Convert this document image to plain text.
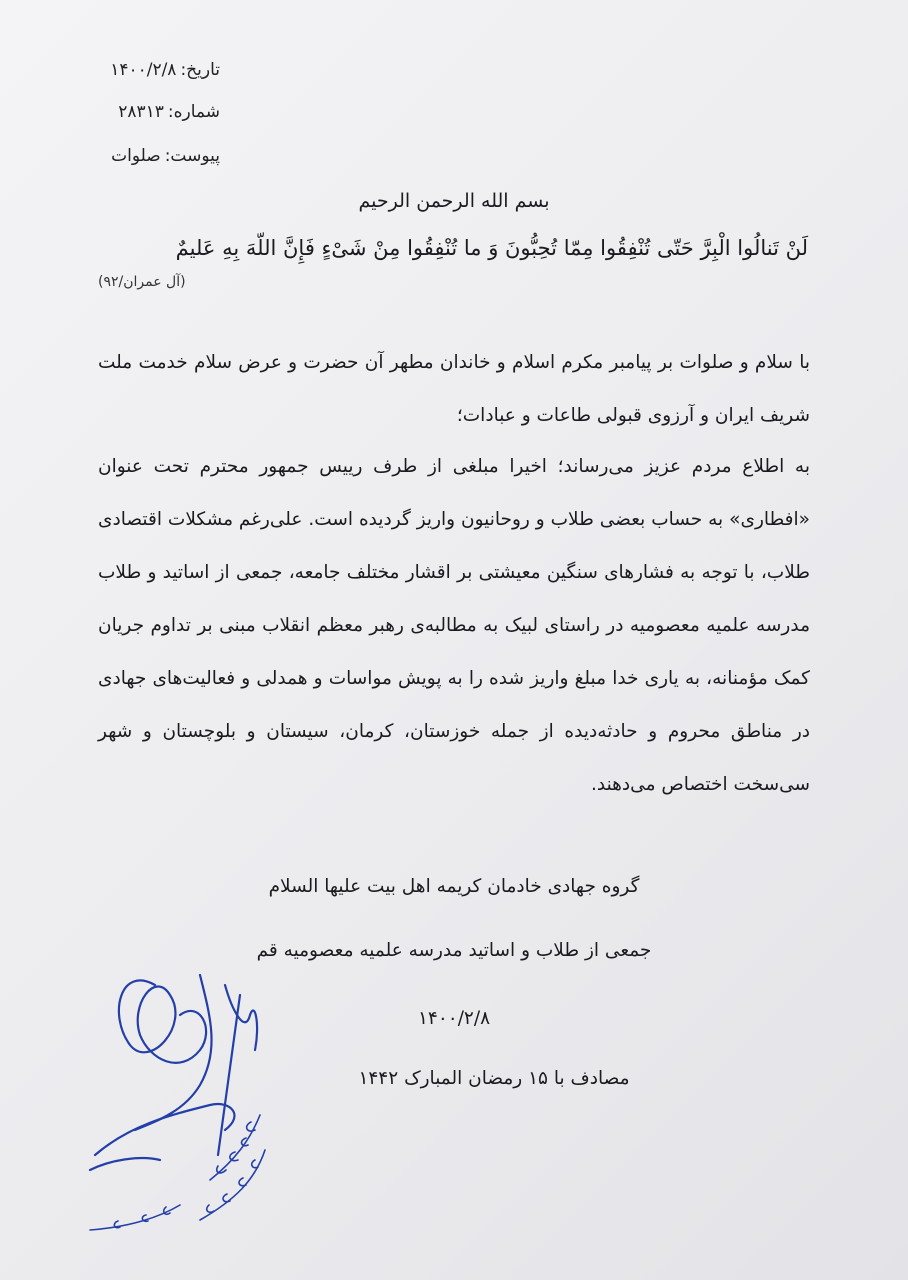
تاریخ:۱۴۰۰/۲/۸
شماره:۲۸۳۱۳
پیوست:صلوات
بسم الله الرحمن الرحیم
لَنْ تَنالُوا الْبِرَّ حَتّی تُنْفِقُوا مِمّا تُحِبُّونَ وَ ما تُنْفِقُوا مِنْ شَیْءٍ فَإِنَّ اللّهَ بِهِ عَلیمٌ
(آل عمران/۹۲)
با سلام و صلوات بر پیامبر مکرم اسلام و خاندان مطهر آن حضرت و عرض سلام خدمت ملت شریف ایران و آرزوی قبولی طاعات و عبادات؛
به اطلاع مردم عزیز می‌رساند؛ اخیرا مبلغی از طرف رییس جمهور محترم تحت عنوان «افطاری» به حساب بعضی طلاب و روحانیون واریز گردیده است. علی‌رغم مشکلات اقتصادی طلاب، با توجه به فشارهای سنگین معیشتی بر اقشار مختلف جامعه، جمعی از اساتید و طلاب مدرسه علمیه معصومیه در راستای لبیک به مطالبه‌ی رهبر معظم انقلاب مبنی بر تداوم جریان کمک مؤمنانه، به یاری خدا مبلغ واریز شده را به پویش مواسات و همدلی و فعالیت‌های جهادی در مناطق محروم و حادثه‌دیده از جمله خوزستان، کرمان، سیستان و بلوچستان و شهر سی‌سخت اختصاص می‌دهند.
گروه جهادی خادمان کریمه اهل بیت علیها السلام
جمعی از طلاب و اساتید مدرسه علمیه معصومیه قم
۱۴۰۰/۲/۸
مصادف با ۱۵ رمضان المبارک ۱۴۴۲
